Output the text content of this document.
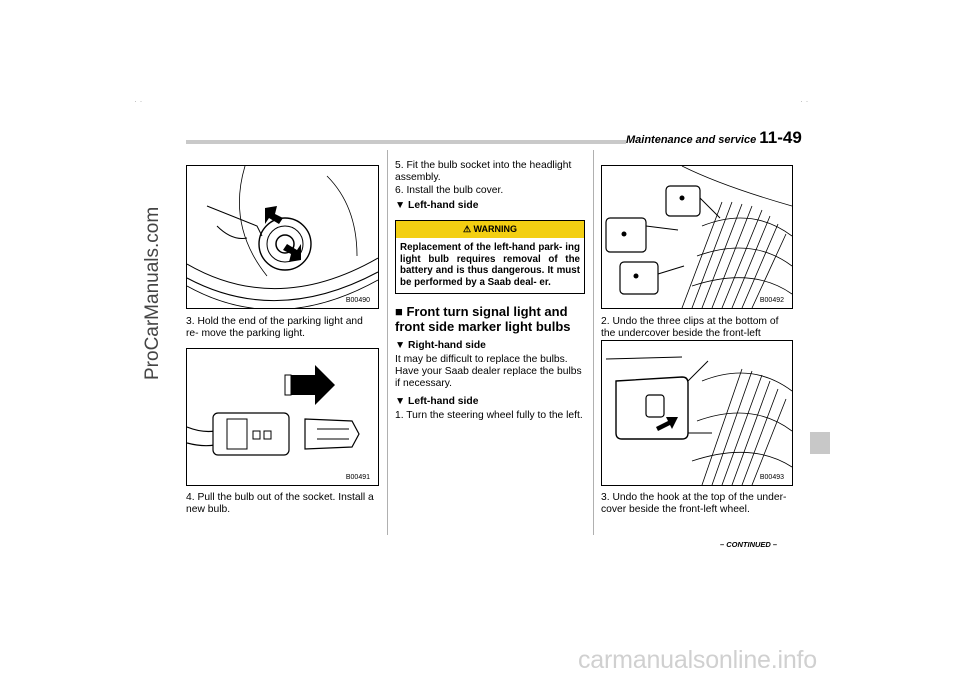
· ·	· ·
ProCarManuals.com
carmanualsonline.info
Maintenance and service 11-49
B00490
3. Hold the end of the parking light and re- move the parking light.
B00491
4. Pull the bulb out of the socket. Install a new bulb.

5. Fit the bulb socket into the headlight assembly.

6. Install the bulb cover.

▼ Left-hand side
⚠ WARNING
Replacement of the left-hand park- ing light bulb requires removal of the battery and is thus dangerous. It must be performed by a Saab deal- er.
■ Front turn signal light and front side marker light bulbs
▼ Right-hand side

It may be difficult to replace the bulbs. Have your Saab dealer replace the bulbs if necessary.

▼ Left-hand side

1. Turn the steering wheel fully to the left.

B00492
2. Undo the three clips at the bottom of the undercover beside the front-left
B00493
3. Undo the hook at the top of the under- cover beside the front-left wheel.
– CONTINUED –
